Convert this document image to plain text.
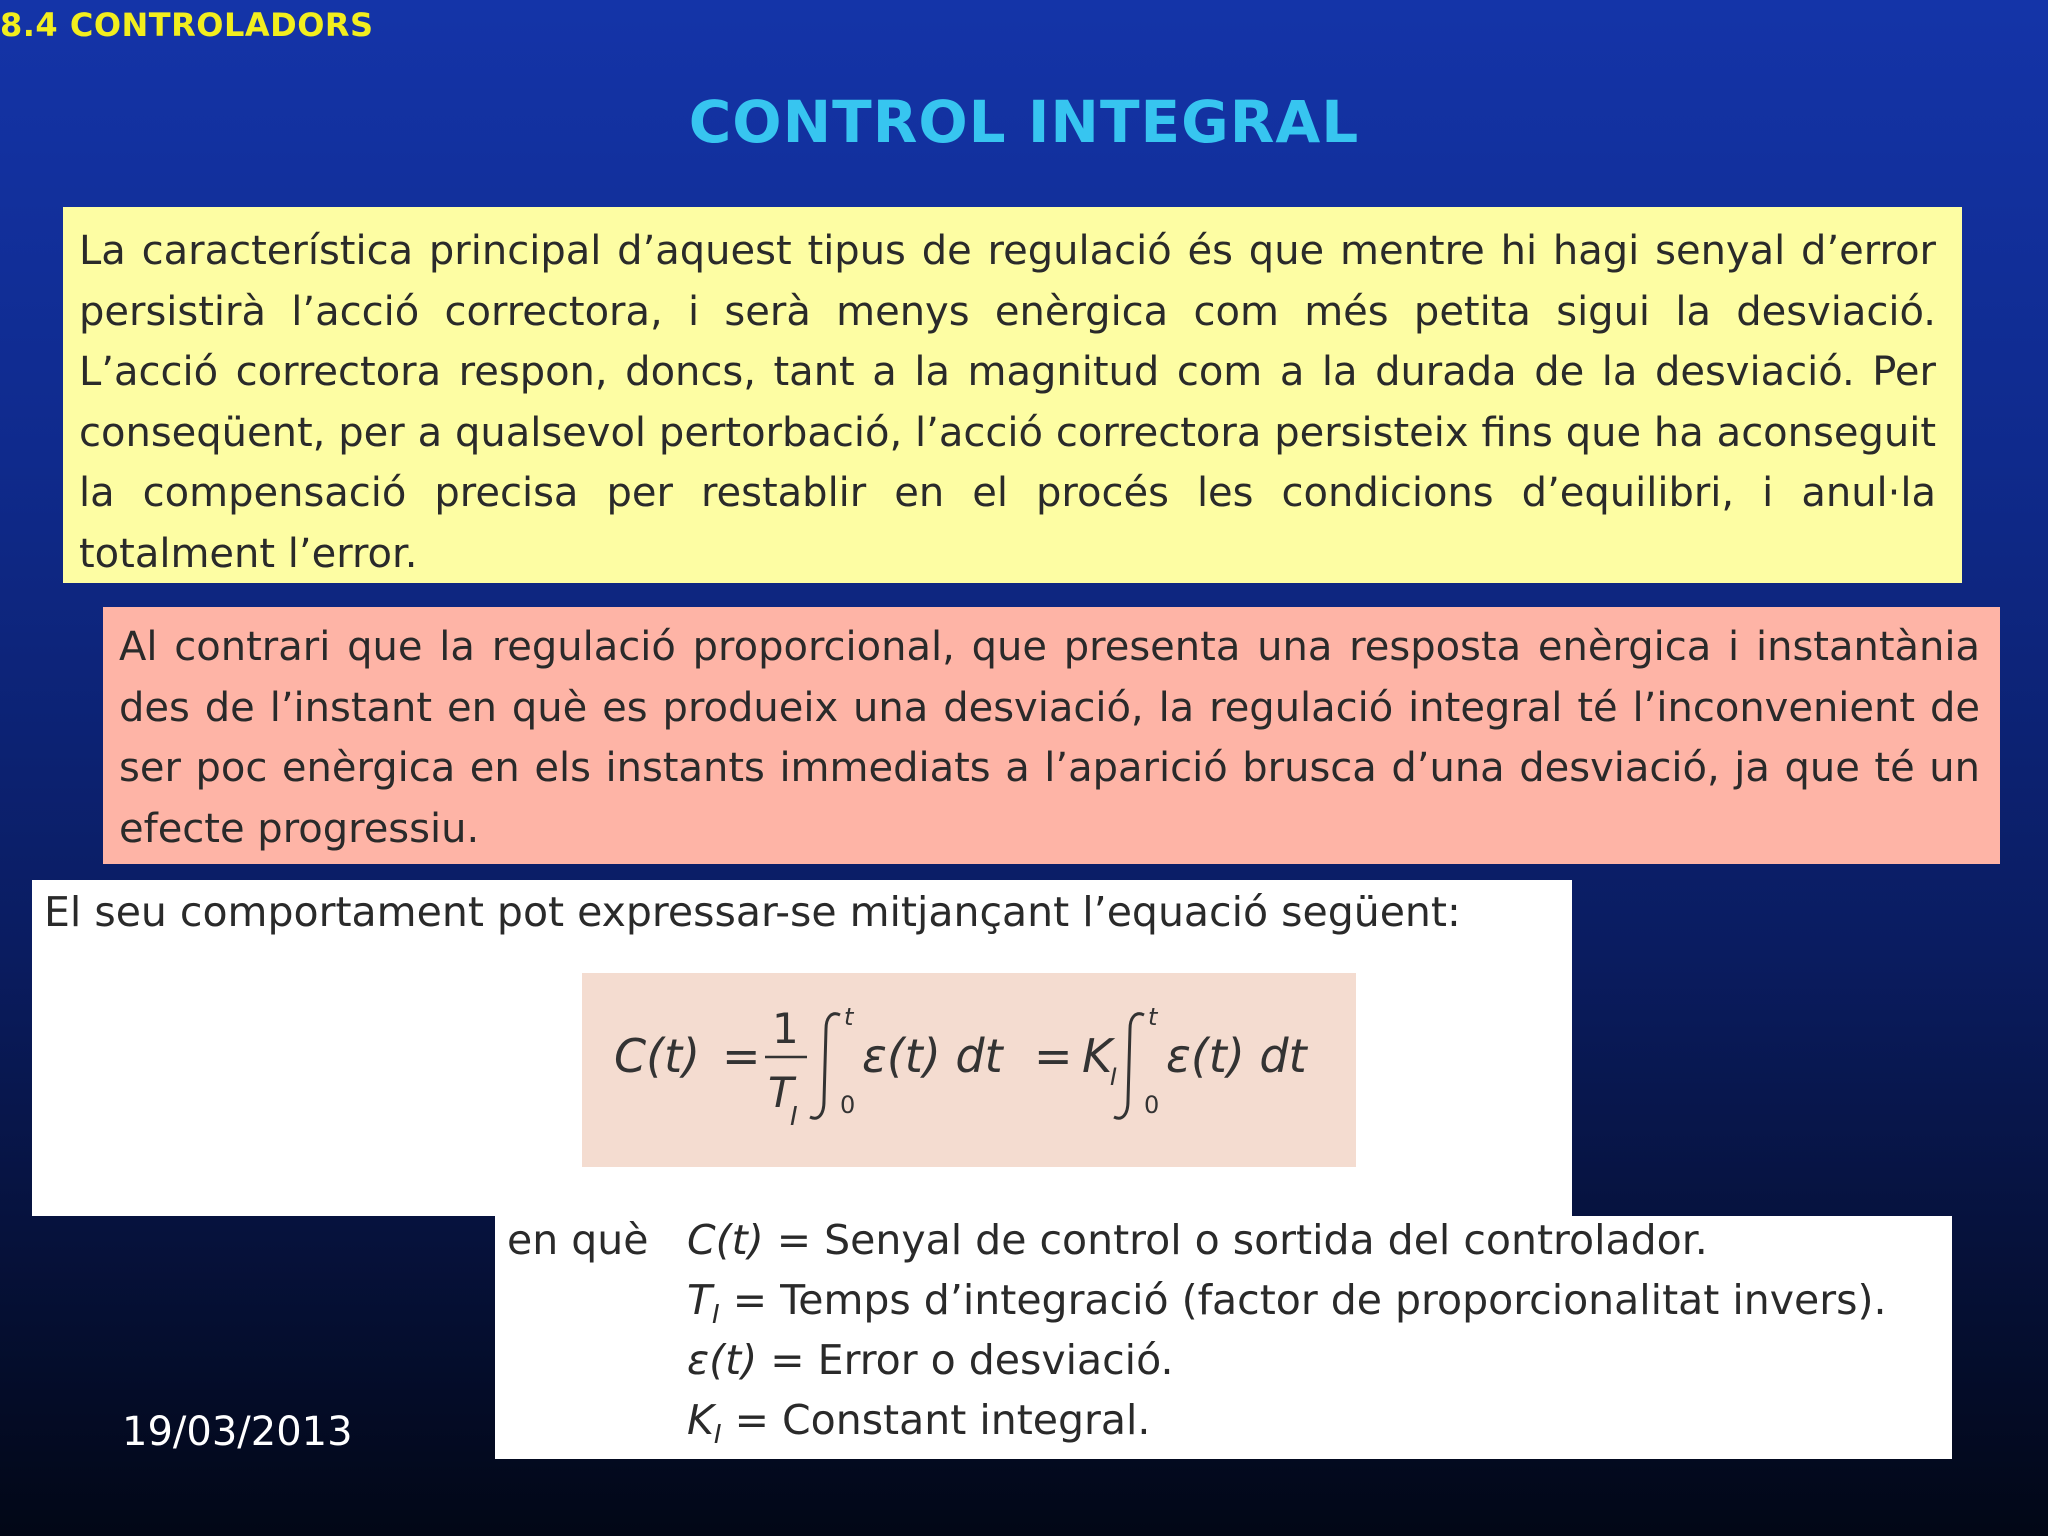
8.4 CONTROLADORS
CONTROL INTEGRAL

La característica principal d’aquest tipus de regulació és que mentre hi hagi senyal d’error persistirà l’acció correctora, i serà menys enèrgica com més petita sigui la desviació. L’acció correctora respon, doncs, tant a la magnitud com a la durada de la desviació. Per conseqüent, per a qualsevol pertorbació, l’acció correctora persisteix fins que ha aconseguit la compensació precisa per restablir en el procés les condicions d’equilibri, i anul·la totalment l’error.

Al contrari que la regulació proporcional, que presenta una resposta enèrgica i instantània des de l’instant en què es produeix una desviació, la regulació integral té l’inconvenient de ser poc enèrgica en els instants immediats a l’aparició brusca d’una desviació, ja que té un efecte progressiu.

El seu comportament pot expressar-se mitjançant l’equació següent:
C(t) =
1
T
I
t
0
ε(t) dt = K
I
t
0
ε(t) dt
en què C(t) = Senyal de control o sortida del controlador.
$T_I$ = Temps d’integració (factor de proporcionalitat invers).
ε(t) = Error o desviació.
$K_I$ = Constant integral.
19/03/2013
